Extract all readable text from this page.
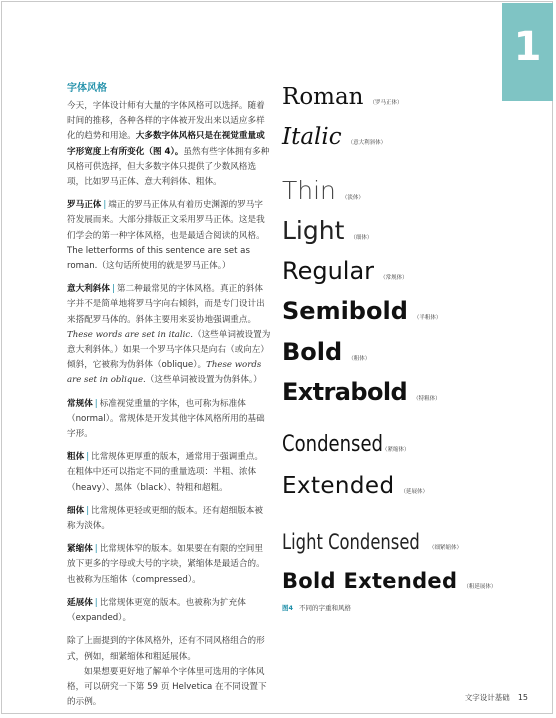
1
字体风格

今天，字体设计师有大量的字体风格可以选择。随着时间的推移，各种各样的字体被开发出来以适应多样化的趋势和用途。大多数字体风格只是在视觉重量或字形宽度上有所变化（图 4）。虽然有些字体拥有多种风格可供选择，但大多数字体只提供了少数风格选项，比如罗马正体、意大利斜体、粗体。

罗马正体 | 端正的罗马正体从有着历史渊源的罗马字符发展而来。大部分排版正文采用罗马正体。这是我们学会的第一种字体风格，也是最适合阅读的风格。The letterforms of this sentence are set as roman.（这句话所使用的就是罗马正体。）

意大利斜体 | 第二种最常见的字体风格。真正的斜体字并不是简单地将罗马字向右倾斜，而是专门设计出来搭配罗马体的。斜体主要用来妥协地强调重点。These words are set in italic.（这些单词被设置为意大利斜体。）如果一个罗马字体只是向右（或向左）倾斜，它被称为伪斜体（oblique）。These words are set in oblique.（这些单词被设置为伪斜体。）

常规体 | 标准视觉重量的字体，也可称为标准体（normal）。常规体是开发其他字体风格所用的基础字形。

粗体 | 比常规体更厚重的版本，通常用于强调重点。在粗体中还可以指定不同的重量选项：半粗、浓体（heavy）、黑体（black）、特粗和超粗。

细体 | 比常规体更轻或更细的版本。还有超细版本被称为淡体。

紧缩体 | 比常规体窄的版本。如果要在有限的空间里放下更多的字母或大号的字块，紧缩体是最适合的。也被称为压缩体（compressed）。

延展体 | 比常规体更宽的版本。也被称为扩充体（expanded）。

除了上面提到的字体风格外，还有不同风格组合的形式，例如，细紧缩体和粗延展体。

如果想要更好地了解单个字体里可选用的字体风格，可以研究一下第 59 页 Helvetica 在不同设置下的示例。

Roman （罗马正体）
Italic （意大利斜体）
Thin （淡体）
Light （细体）
Regular （常规体）
Semibold （半粗体）
Bold （粗体）
Extrabold （特粗体）
Condensed
（紧缩体）
Extended （延展体）
Light Condensed （细紧缩体）
Bold Extended （粗延展体）
图4 不同的字重和风格
文字设计基础 15
